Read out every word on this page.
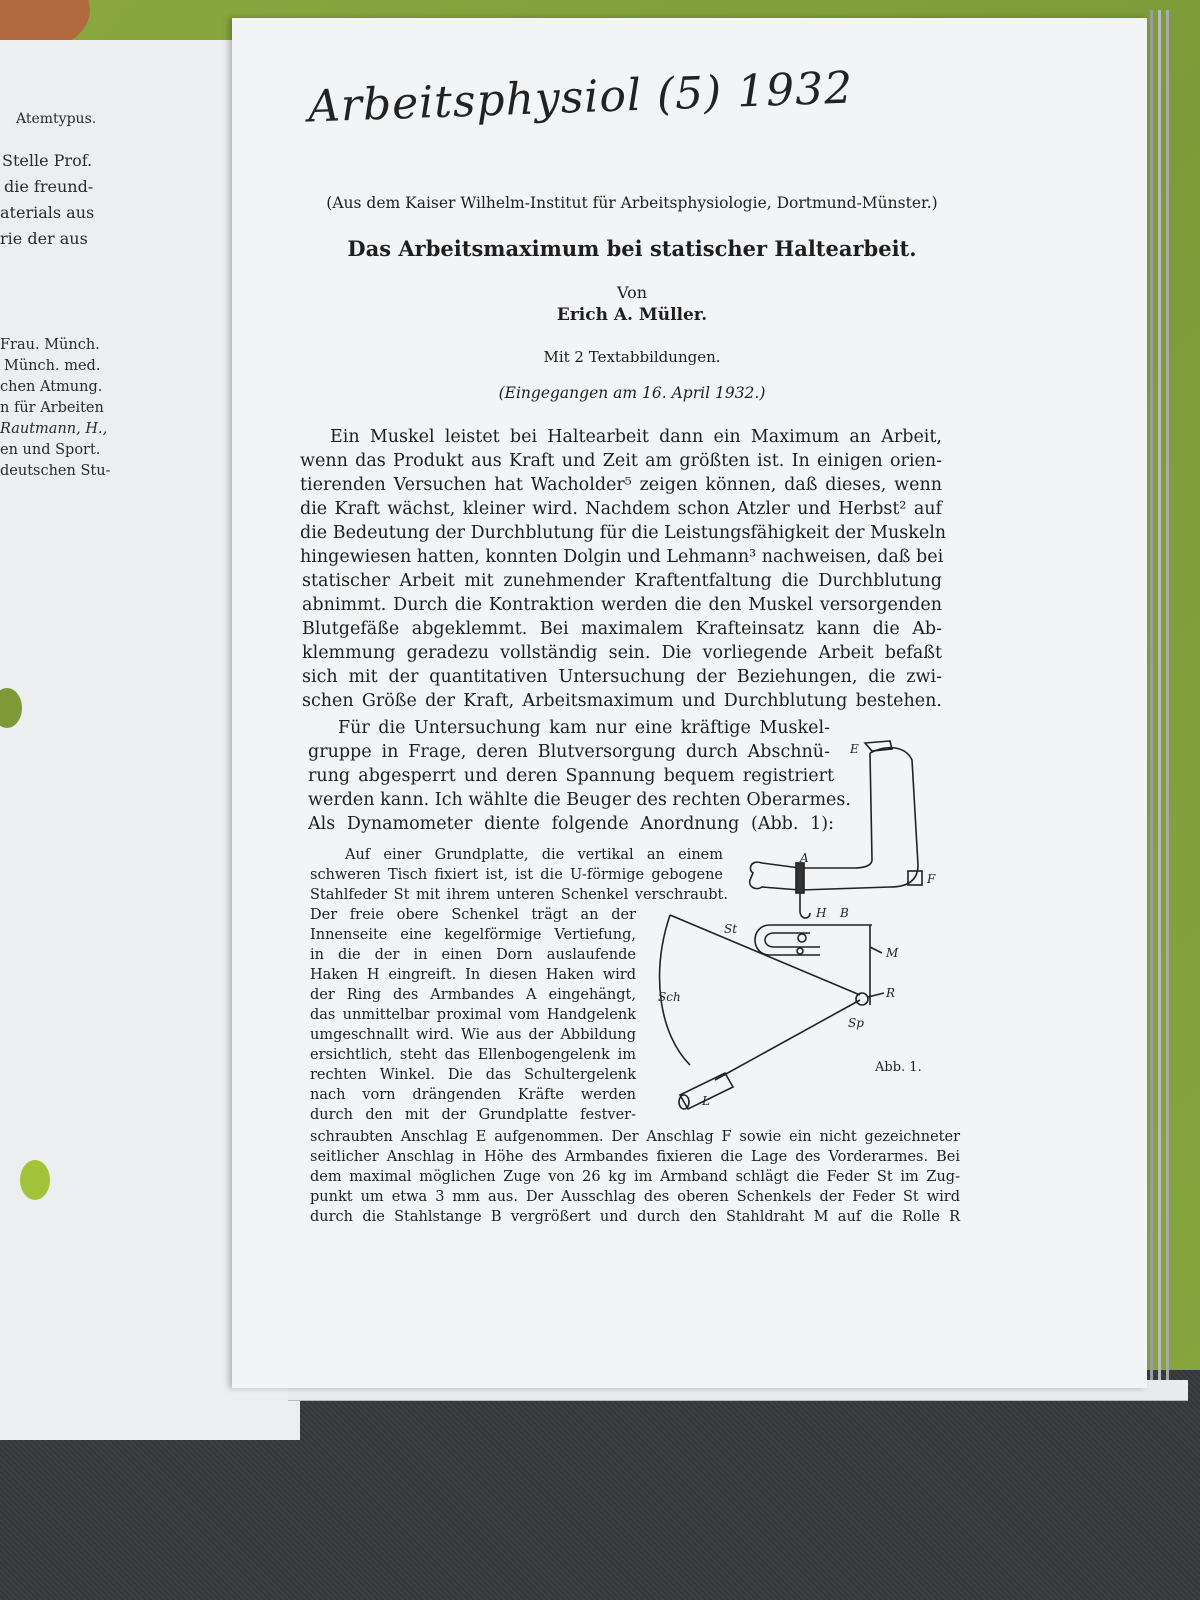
Atemtypus.
Stelle Prof.
die freund-
aterials aus
rie der aus
Frau. Münch.
Münch. med.
chen Atmung.
n für Arbeiten
Rautmann, H.,
en und Sport.
deutschen Stu-
Arbeitsphysiol (5) 1932
(Aus dem Kaiser Wilhelm-Institut für Arbeitsphysiologie, Dortmund-Münster.)
Das Arbeitsmaximum bei statischer Haltearbeit.
Von
Erich A. Müller.
Mit 2 Textabbildungen.
(Eingegangen am 16. April 1932.)
Ein Muskel leistet bei Haltearbeit dann ein Maximum an Arbeit,
wenn das Produkt aus Kraft und Zeit am größten ist. In einigen orien-
tierenden Versuchen hat Wacholder⁵ zeigen können, daß dieses, wenn
die Kraft wächst, kleiner wird. Nachdem schon Atzler und Herbst² auf
die Bedeutung der Durchblutung für die Leistungsfähigkeit der Muskeln
hingewiesen hatten, konnten Dolgin und Lehmann³ nachweisen, daß bei
statischer Arbeit mit zunehmender Kraftentfaltung die Durchblutung
abnimmt. Durch die Kontraktion werden die den Muskel versorgenden
Blutgefäße abgeklemmt. Bei maximalem Krafteinsatz kann die Ab-
klemmung geradezu vollständig sein. Die vorliegende Arbeit befaßt
sich mit der quantitativen Untersuchung der Beziehungen, die zwi-
schen Größe der Kraft, Arbeitsmaximum und Durchblutung bestehen.
Für die Untersuchung kam nur eine kräftige Muskel-
gruppe in Frage, deren Blutversorgung durch Abschnü-
rung abgesperrt und deren Spannung bequem registriert
werden kann. Ich wählte die Beuger des rechten Oberarmes.
Als Dynamometer diente folgende Anordnung (Abb. 1):
Auf einer Grundplatte, die vertikal an einem
schweren Tisch fixiert ist, ist die U-förmige gebogene
Stahlfeder St mit ihrem unteren Schenkel verschraubt.
Der freie obere Schenkel trägt an der
Innenseite eine kegelförmige Vertiefung,
in die der in einen Dorn auslaufende
Haken H eingreift. In diesen Haken wird
der Ring des Armbandes A eingehängt,
das unmittelbar proximal vom Handgelenk
umgeschnallt wird. Wie aus der Abbildung
ersichtlich, steht das Ellenbogengelenk im
rechten Winkel. Die das Schultergelenk
nach vorn drängenden Kräfte werden
durch den mit der Grundplatte festver-
schraubten Anschlag E aufgenommen. Der Anschlag F sowie ein nicht gezeichneter
seitlicher Anschlag in Höhe des Armbandes fixieren die Lage des Vorderarmes. Bei
dem maximal möglichen Zuge von 26 kg im Armband schlägt die Feder St im Zug-
punkt um etwa 3 mm aus. Der Ausschlag des oberen Schenkels der Feder St wird
durch die Stahlstange B vergrößert und durch den Stahldraht M auf die Rolle R
E
A
F
H B
St
M
Sch	R
Sp
L
Abb. 1.
